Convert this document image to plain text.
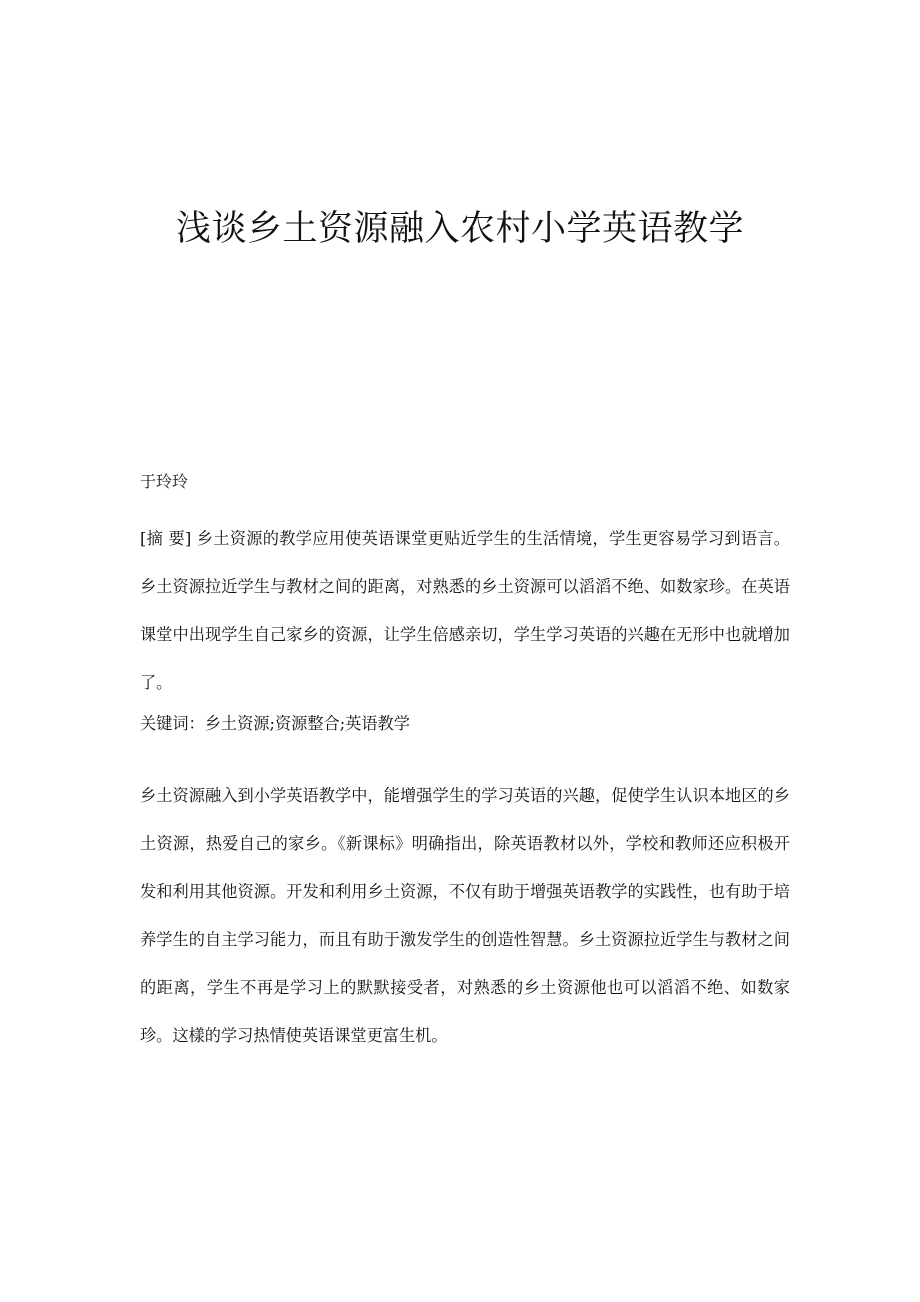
浅谈乡土资源融入农村小学英语教学

于玲玲

[摘 要] 乡土资源的教学应用使英语课堂更贴近学生的生活情境，学生更容易学习到语言。乡土资源拉近学生与教材之间的距离，对熟悉的乡土资源可以滔滔不绝、如数家珍。在英语课堂中出现学生自己家乡的资源，让学生倍感亲切，学生学习英语的兴趣在无形中也就增加了。

关键词：乡土资源;资源整合;英语教学

乡土资源融入到小学英语教学中，能增强学生的学习英语的兴趣，促使学生认识本地区的乡土资源，热爱自己的家乡。《新课标》明确指出，除英语教材以外，学校和教师还应积极开发和利用其他资源。开发和利用乡土资源，不仅有助于增强英语教学的实践性，也有助于培养学生的自主学习能力，而且有助于激发学生的创造性智慧。乡土资源拉近学生与教材之间的距离，学生不再是学习上的默默接受者，对熟悉的乡土资源他也可以滔滔不绝、如数家珍。这樣的学习热情使英语课堂更富生机。
